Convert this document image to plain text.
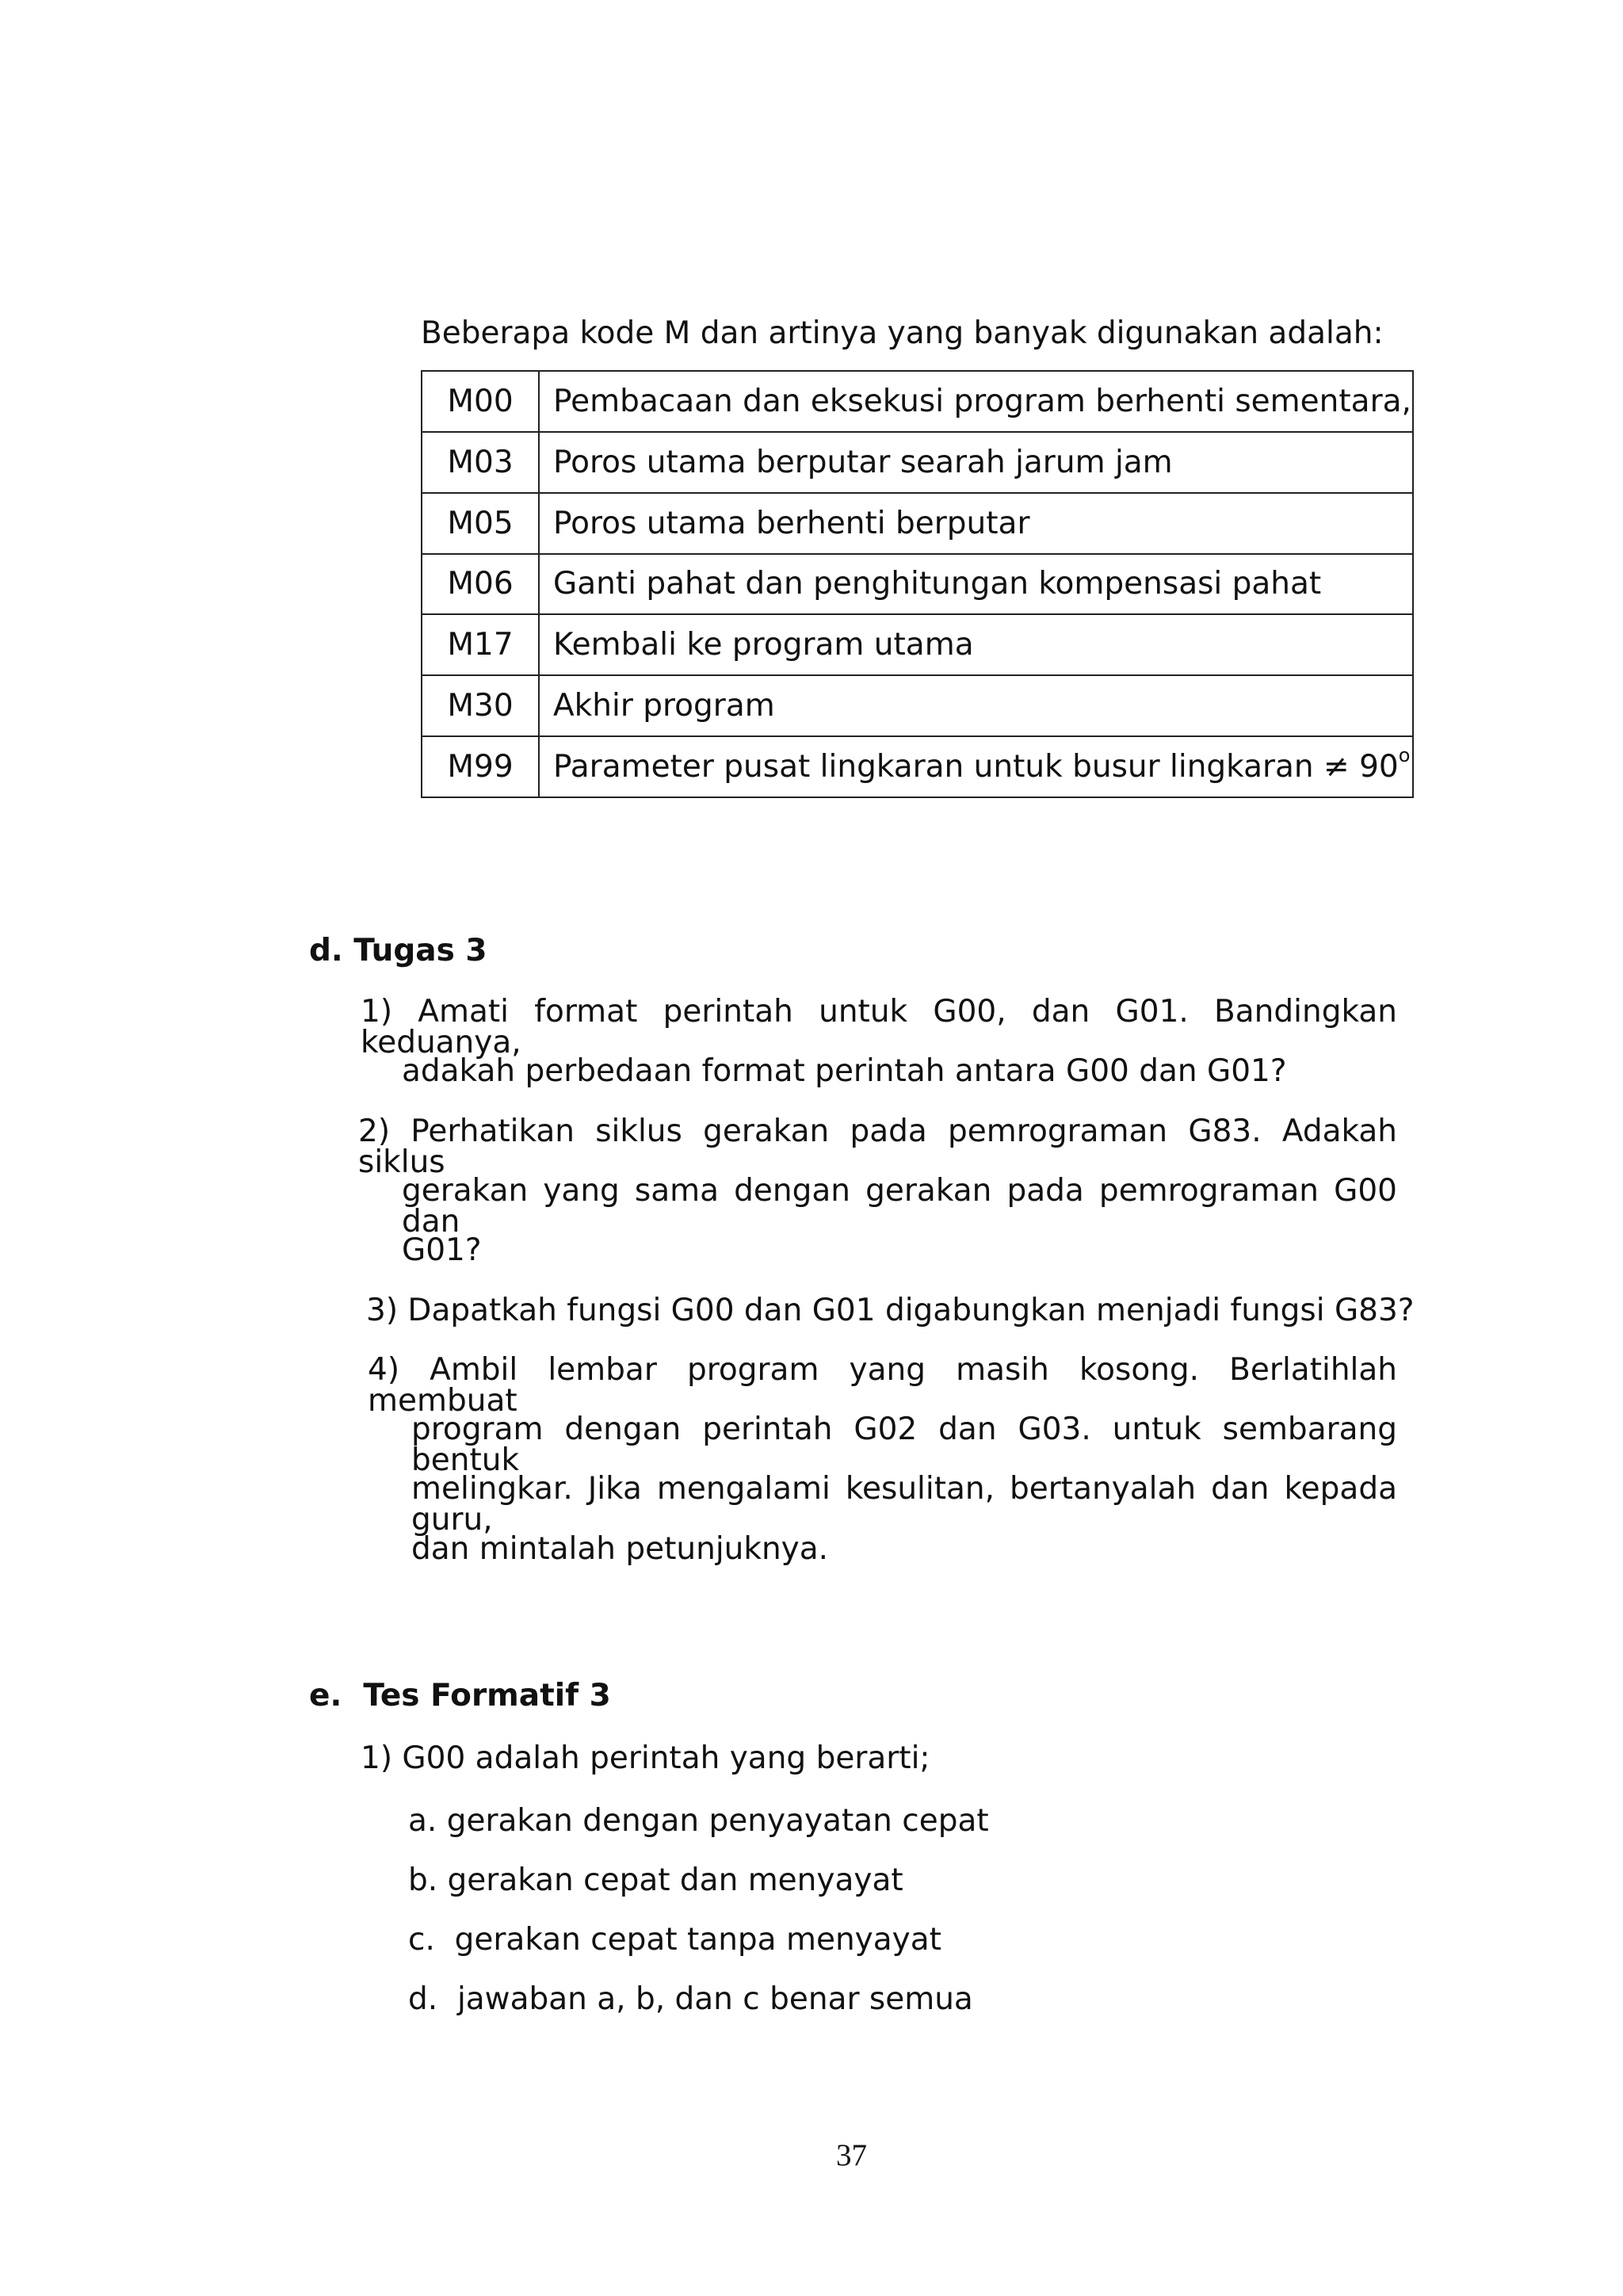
Beberapa kode M dan artinya yang banyak digunakan adalah:
M00	Pembacaan dan eksekusi program berhenti sementara,
M03	Poros utama berputar searah jarum jam
M05	Poros utama berhenti berputar
M06	Ganti pahat dan penghitungan kompensasi pahat
M17	Kembali ke program utama
M30	Akhir program
M99	Parameter pusat lingkaran untuk busur lingkaran ≠ $90^o$
d. Tugas 3
1) Amati format perintah untuk G00, dan G01. Bandingkan keduanya,
adakah perbedaan format perintah antara G00 dan G01?
2) Perhatikan siklus gerakan pada pemrograman G83. Adakah siklus
gerakan yang sama dengan gerakan pada pemrograman G00 dan
G01?
3) Dapatkah fungsi G00 dan G01 digabungkan menjadi fungsi G83?
4) Ambil lembar program yang masih kosong. Berlatihlah membuat
program dengan perintah G02 dan G03. untuk sembarang bentuk
melingkar. Jika mengalami kesulitan, bertanyalah dan kepada guru,
dan mintalah petunjuknya.
e.  Tes Formatif 3
1) G00 adalah perintah yang berarti;
a. gerakan dengan penyayatan cepat
b. gerakan cepat dan menyayat
c.  gerakan cepat tanpa menyayat
d.  jawaban a, b, dan c benar semua
37
